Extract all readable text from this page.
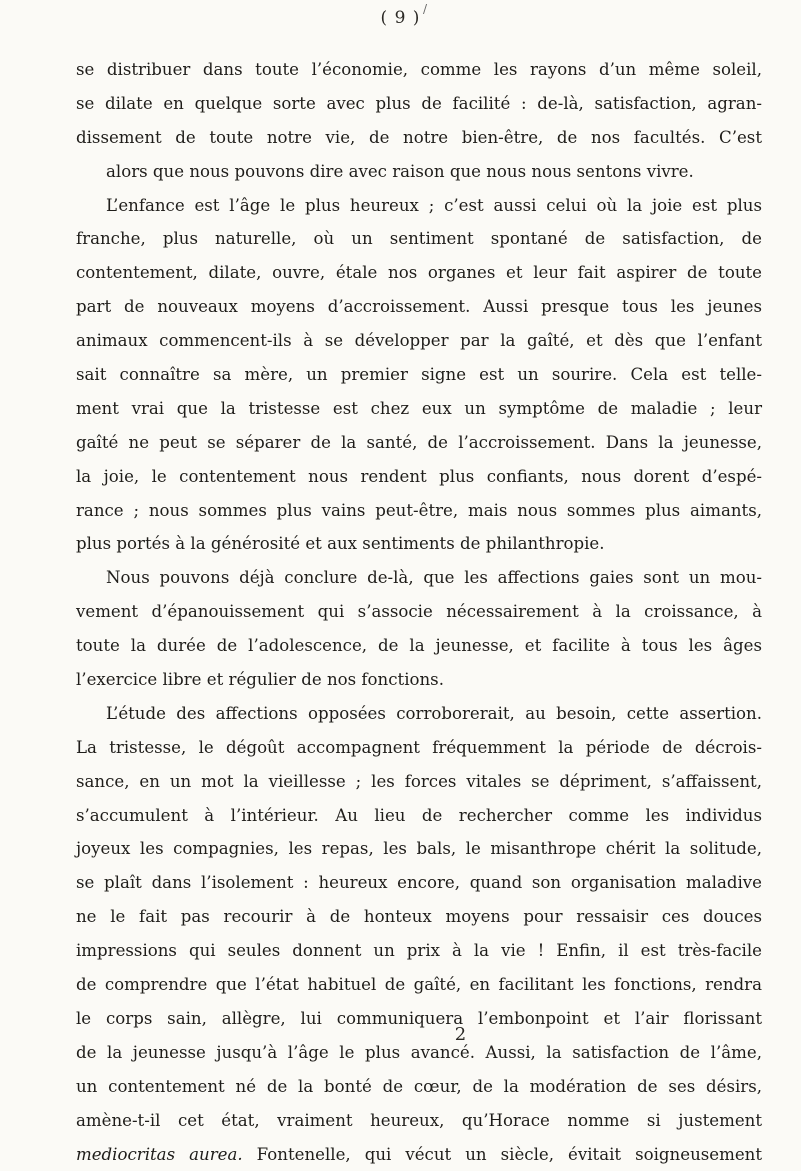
/
( 9 )
se distribuer dans toute l’économie, comme les rayons d’un même soleil,
se dilate en quelque sorte avec plus de facilité : de-là, satisfaction, agran-
dissement de toute notre vie, de notre bien-être, de nos facultés. C’est
alors que nous pouvons dire avec raison que nous nous sentons vivre.
L’enfance est l’âge le plus heureux ; c’est aussi celui où la joie est plus
franche, plus naturelle, où un sentiment spontané de satisfaction, de
contentement, dilate, ouvre, étale nos organes et leur fait aspirer de toute
part de nouveaux moyens d’accroissement. Aussi presque tous les jeunes
animaux commencent-ils à se développer par la gaîté, et dès que l’enfant
sait connaître sa mère, un premier signe est un sourire. Cela est telle-
ment vrai que la tristesse est chez eux un symptôme de maladie ; leur
gaîté ne peut se séparer de la santé, de l’accroissement. Dans la jeunesse,
la joie, le contentement nous rendent plus confiants, nous dorent d’espé-
rance ; nous sommes plus vains peut-être, mais nous sommes plus aimants,
plus portés à la générosité et aux sentiments de philanthropie.
Nous pouvons déjà conclure de-là, que les affections gaies sont un mou-
vement d’épanouissement qui s’associe nécessairement à la croissance, à
toute la durée de l’adolescence, de la jeunesse, et facilite à tous les âges
l’exercice libre et régulier de nos fonctions.
L’étude des affections opposées corroborerait, au besoin, cette assertion.
La tristesse, le dégoût accompagnent fréquemment la période de décrois-
sance, en un mot la vieillesse ; les forces vitales se dépriment, s’affaissent,
s’accumulent à l’intérieur. Au lieu de rechercher comme les individus
joyeux les compagnies, les repas, les bals, le misanthrope chérit la solitude,
se plaît dans l’isolement : heureux encore, quand son organisation maladive
ne le fait pas recourir à de honteux moyens pour ressaisir ces douces
impressions qui seules donnent un prix à la vie ! Enfin, il est très-facile
de comprendre que l’état habituel de gaîté, en facilitant les fonctions, rendra
le corps sain, allègre, lui communiquera l’embonpoint et l’air florissant
de la jeunesse jusqu’à l’âge le plus avancé. Aussi, la satisfaction de l’âme,
un contentement né de la bonté de cœur, de la modération de ses désirs,
amène-t-il cet état, vraiment heureux, qu’Horace nomme si justement
mediocritas aurea. Fontenelle, qui vécut un siècle, évitait soigneusement
2
